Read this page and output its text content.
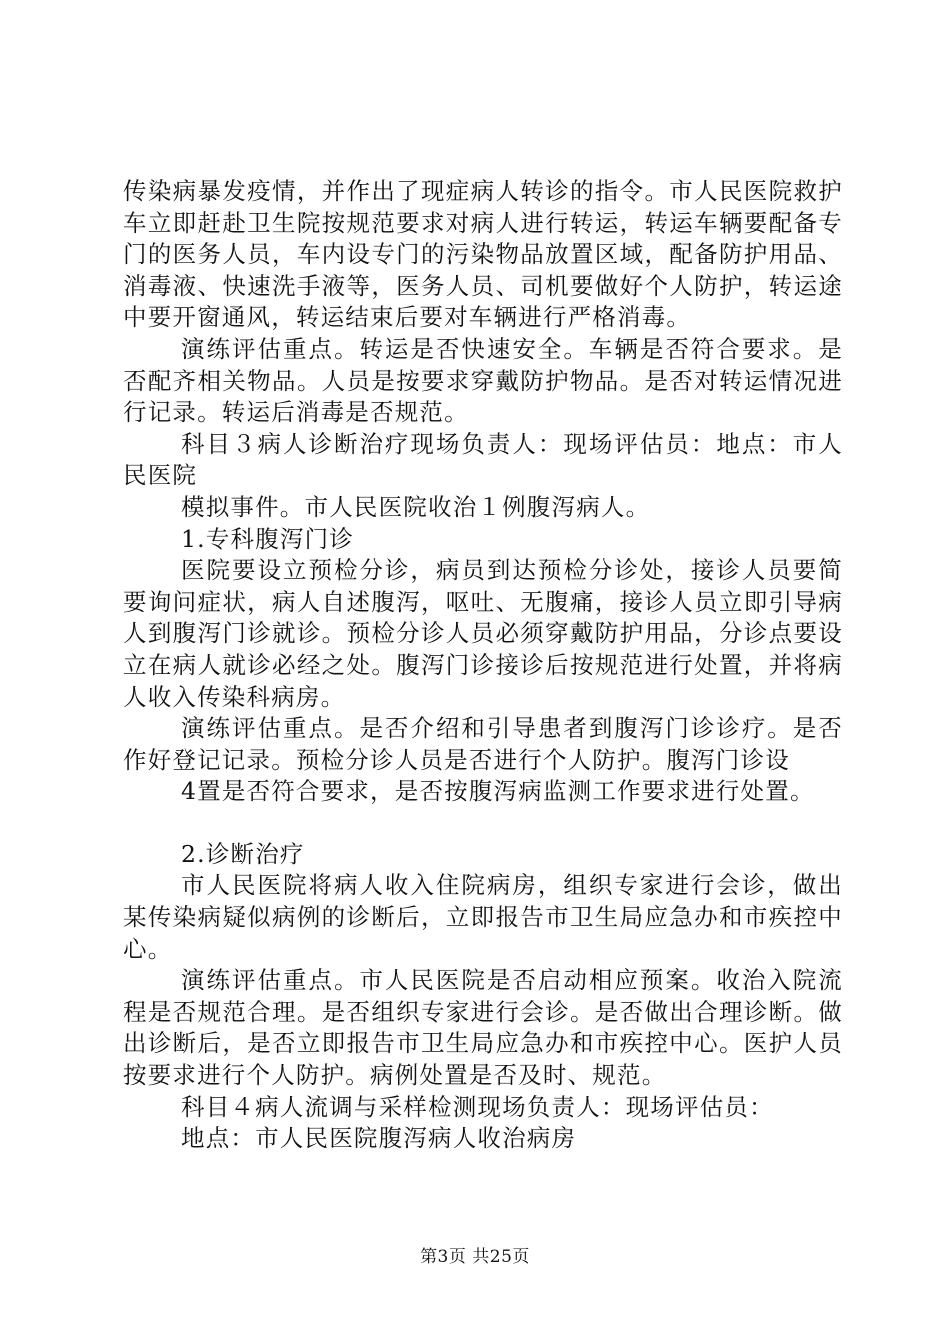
传染病暴发疫情，并作出了现症病人转诊的指令。市人民医院救护车立即赶赴卫生院按规范要求对病人进行转运，转运车辆要配备专门的医务人员，车内设专门的污染物品放置区域，配备防护用品、消毒液、快速洗手液等，医务人员、司机要做好个人防护，转运途中要开窗通风，转运结束后要对车辆进行严格消毒。

演练评估重点。转运是否快速安全。车辆是否符合要求。是否配齐相关物品。人员是按要求穿戴防护物品。是否对转运情况进行记录。转运后消毒是否规范。

科目３病人诊断治疗现场负责人：现场评估员：地点：市人民医院

模拟事件。市人民医院收治１例腹泻病人。

1.专科腹泻门诊

医院要设立预检分诊，病员到达预检分诊处，接诊人员要简要询问症状，病人自述腹泻，呕吐、无腹痛，接诊人员立即引导病人到腹泻门诊就诊。预检分诊人员必须穿戴防护用品，分诊点要设立在病人就诊必经之处。腹泻门诊接诊后按规范进行处置，并将病人收入传染科病房。

演练评估重点。是否介绍和引导患者到腹泻门诊诊疗。是否作好登记记录。预检分诊人员是否进行个人防护。腹泻门诊设

4置是否符合要求，是否按腹泻病监测工作要求进行处置。

2.诊断治疗

市人民医院将病人收入住院病房，组织专家进行会诊，做出某传染病疑似病例的诊断后，立即报告市卫生局应急办和市疾控中心。

演练评估重点。市人民医院是否启动相应预案。收治入院流程是否规范合理。是否组织专家进行会诊。是否做出合理诊断。做出诊断后，是否立即报告市卫生局应急办和市疾控中心。医护人员按要求进行个人防护。病例处置是否及时、规范。

科目４病人流调与采样检测现场负责人：现场评估员：

地点：市人民医院腹泻病人收治病房

第3页 共25页
